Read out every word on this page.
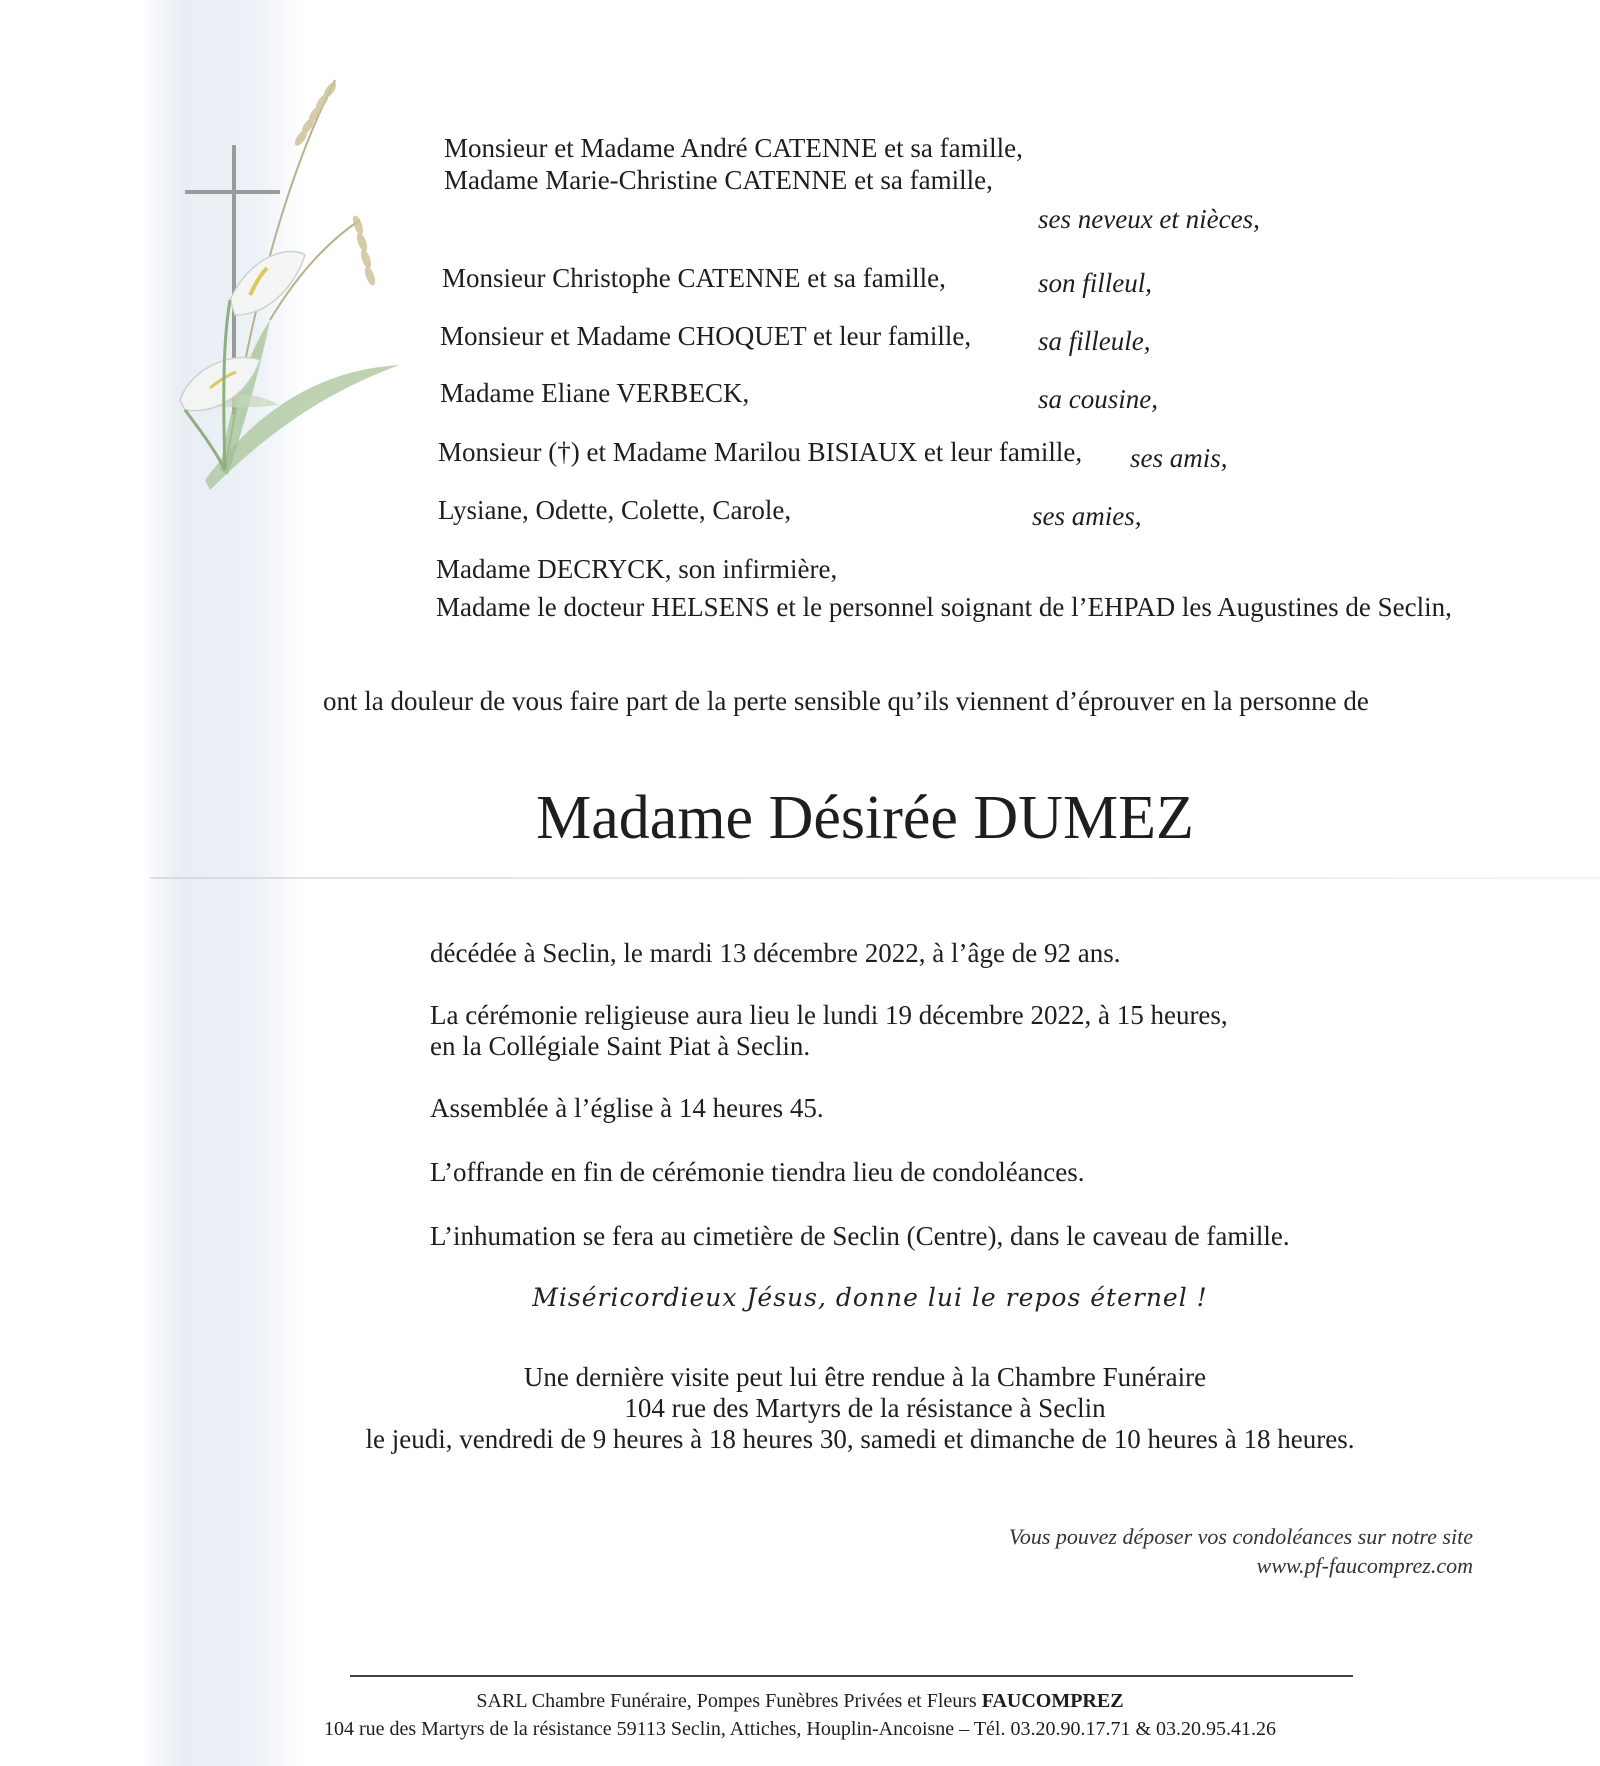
Monsieur et Madame André CATENNE et sa famille,
Madame Marie-Christine CATENNE et sa famille,
ses neveux et nièces,
Monsieur Christophe CATENNE et sa famille,	son filleul,
Monsieur et Madame CHOQUET et leur famille, sa filleule,
Madame Eliane VERBECK,	sa cousine,
Monsieur (†) et Madame Marilou BISIAUX et leur famille, ses amis,
Lysiane, Odette, Colette, Carole,	ses amies,
Madame DECRYCK, son infirmière,
Madame le docteur HELSENS et le personnel soignant de l’EHPAD les Augustines de Seclin,
ont la douleur de vous faire part de la perte sensible qu’ils viennent d’éprouver en la personne de
Madame Désirée DUMEZ
décédée à Seclin, le mardi 13 décembre 2022, à l’âge de 92 ans.
La cérémonie religieuse aura lieu le lundi 19 décembre 2022, à 15 heures,
en la Collégiale Saint Piat à Seclin.
Assemblée à l’église à 14 heures 45.
L’offrande en fin de cérémonie tiendra lieu de condoléances.
L’inhumation se fera au cimetière de Seclin (Centre), dans le caveau de famille.
Miséricordieux Jésus, donne lui le repos éternel !
Une dernière visite peut lui être rendue à la Chambre Funéraire
104 rue des Martyrs de la résistance à Seclin
le jeudi, vendredi de 9 heures à 18 heures 30, samedi et dimanche de 10 heures à 18 heures.
Vous pouvez déposer vos condoléances sur notre site
www.pf-faucomprez.com
SARL Chambre Funéraire, Pompes Funèbres Privées et Fleurs FAUCOMPREZ
104 rue des Martyrs de la résistance 59113 Seclin, Attiches, Houplin-Ancoisne – Tél. 03.20.90.17.71 & 03.20.95.41.26
